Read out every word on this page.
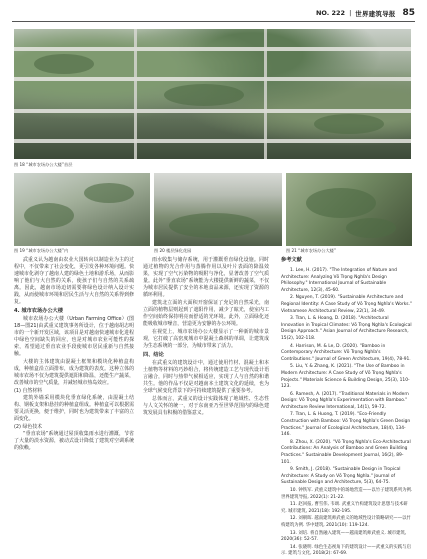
NO. 222 | 世界建筑导报 85
图 18 “城市农场办公大楼”首层
图 19 “城市农场办公大楼”内	图 20 楼层绿化花园	图 21 “城市农场办公大楼”

武重义认为越南由农业大国转向以制造业为主的过程中，不仅带来了社会变化，更引发各种环境问题。快速城市化剥夺了越南人建的绿色土地和游乐场，从而影响了他们与大自然的关系，使孩子们与自然的关系疏离。因此，越南市场迫切需要将绿色设计纳入设计实践，从而使城市环境和居民生活与大自然的关系得到修复。

4. 城市农场办公大楼

城市农场办公大楼（Urban Farming Office）(图18—图21)由武重义建筑事务所设计，位于越南胡志明市的一个新开发区域，该项目是对越南快速城市化进程中绿色空间缺失的回应，也是对城市农业可能性的探索，希望通过垂直农业手段使城市居民重新与自然接触。

大楼的主体建筑由混凝土框架和模块化种植盒构成，种植盒沿立面排布，成为建筑的表皮。这种立体的城市农场不仅为建筑提供遮阳和降温，还能生产蔬菜，改善城市的空气质量，并减轻城市热岛效应。

(1) 自然材料

建筑外墙采用模块化垂直绿化系统，由混凝土结构、钢板支架和悬挂的种植盒组成。种植盒可以根据需要灵活更换，便于维护，同时也为建筑带来了丰富的立面变化。

(2) 绿色技术

“垂直农场”系统通过屋顶收集雨水进行灌溉，节省了大量的淡水资源，被动式设计降低了建筑对空调系统的依赖。

雨水收集与储存系统，用于灌溉垂直绿化设施。同时通过植物的光合作用与蒸腾作用以及叶片表面的降温效果，实现了空气污染物的吸附与净化，显著改善了空气质量。此外“垂直农场”系统能为大楼提供新鲜的蔬菜，不仅为城市居民提供了安全的本地食品来源，还实现了资源的循环利用。

建筑北立面的大面积开窗保证了充足的自然采光，南立面的植物层则起到了遮阳作用，减少了眩光，使室内工作空间始终保持明亮而舒适的光环境。此外，立面绿化还能吸收城市噪音，营造更为安静的办公环境。

在视觉上，城市农场办公大楼显示了一种新的城市景观，它打破了高密度城市中混凝土森林的单调，让建筑成为生态系统的一部分，为城市带来了活力。

四、结论

在武重义的建筑设计中，通过使用竹材、混凝土和本土植物等材料的巧妙组合，将传统建造工艺与现代设计语言融合，同时与热带气候相适应，实现了人与自然的和谐共生。他的作品不仅是对越南本土建筑文化的延续，也为全球气候变化背景下的可持续建筑提供了重要参考。

总体而言，武重义的设计实践体现了地域性、生态性与人文关怀的统一，对于东南亚乃至世界范围内的绿色建筑发展具有积极的借鉴意义。

参考文献

1. Lee, H. (2017). "The Integration of Nature and Architecture: Analyzing Vō Trọng Nghĩa's Design Philosophy." International Journal of Sustainable Architecture, 12(3), 45-60.

2. Nguyen, T. (2019). "Sustainable Architecture and Regional Identity: A Case Study of Vō Trọng Nghĩa's Works." Vietnamese Architectural Review, 22(1), 34-49.

3. Tran, L. & Hoang, D. (2018). "Architectural Innovation in Tropical Climates: Vō Trọng Nghĩa's Ecological Design Approach." Asian Journal of Architecture Research, 15(2), 102-118.

4. Harrison, M. & Le, D. (2020). "Bamboo in Contemporary Architecture: Vō Trọng Nghĩa's Contributions." Journal of Green Architecture, 19(4), 78-91.

5. Liu, Y. & Zhang, K. (2021). "The Use of Bamboo in Modern Architecture: A Case Study of Vō Trọng Nghĩa's Projects." Materials Science & Building Design, 25(3), 110-123.

6. Ramesh, A. (2017). "Traditional Materials in Modern Design: Vō Trọng Nghĩa's Experimentation with Bamboo." Architecture Review International, 14(1), 59-72.

7. Tran, L. & Huong, T. (2019). "Eco-Friendly Construction with Bamboo: Vō Trọng Nghĩa's Green Design Practices." Journal of Ecological Architecture, 18(4), 134-146.

8. Zhou, X. (2020). "Vō Trọng Nghĩa's Eco-Architectural Contributions: An Analysis of Bamboo and Green Building Practices." Sustainable Development Journal, 16(2), 89-101.

9. Smith, J. (2018). "Sustainable Design in Tropical Architecture: A Study on Vō Trọng Nghĩa." Journal of Sustainable Design and Architecture, 5(3), 64-75.

10. 钟铁军. 武重义建筑中的场地营造——以竹子建筑系列为例. 世界建筑导报, 2022(1): 21-22.

11. 赵回报, 曹雪伟, 韦颂. 武重义竹构建筑设计思想与技术研究. 城市建筑, 2021(18): 192-195.

12. 刘朝晖. 越南建筑师武重义的地域性设计策略研究——以竹构建筑为例. 华中建筑, 2021(10): 119-124.

13. 刘培. 将自然融入建筑——越南建筑师武重义. 城市建筑, 2020(36): 52-57.

14. 张晓明. 绿色生态视角下的建筑设计——武重义的实践与启示. 建筑与文化, 2018(2): 67-69.
